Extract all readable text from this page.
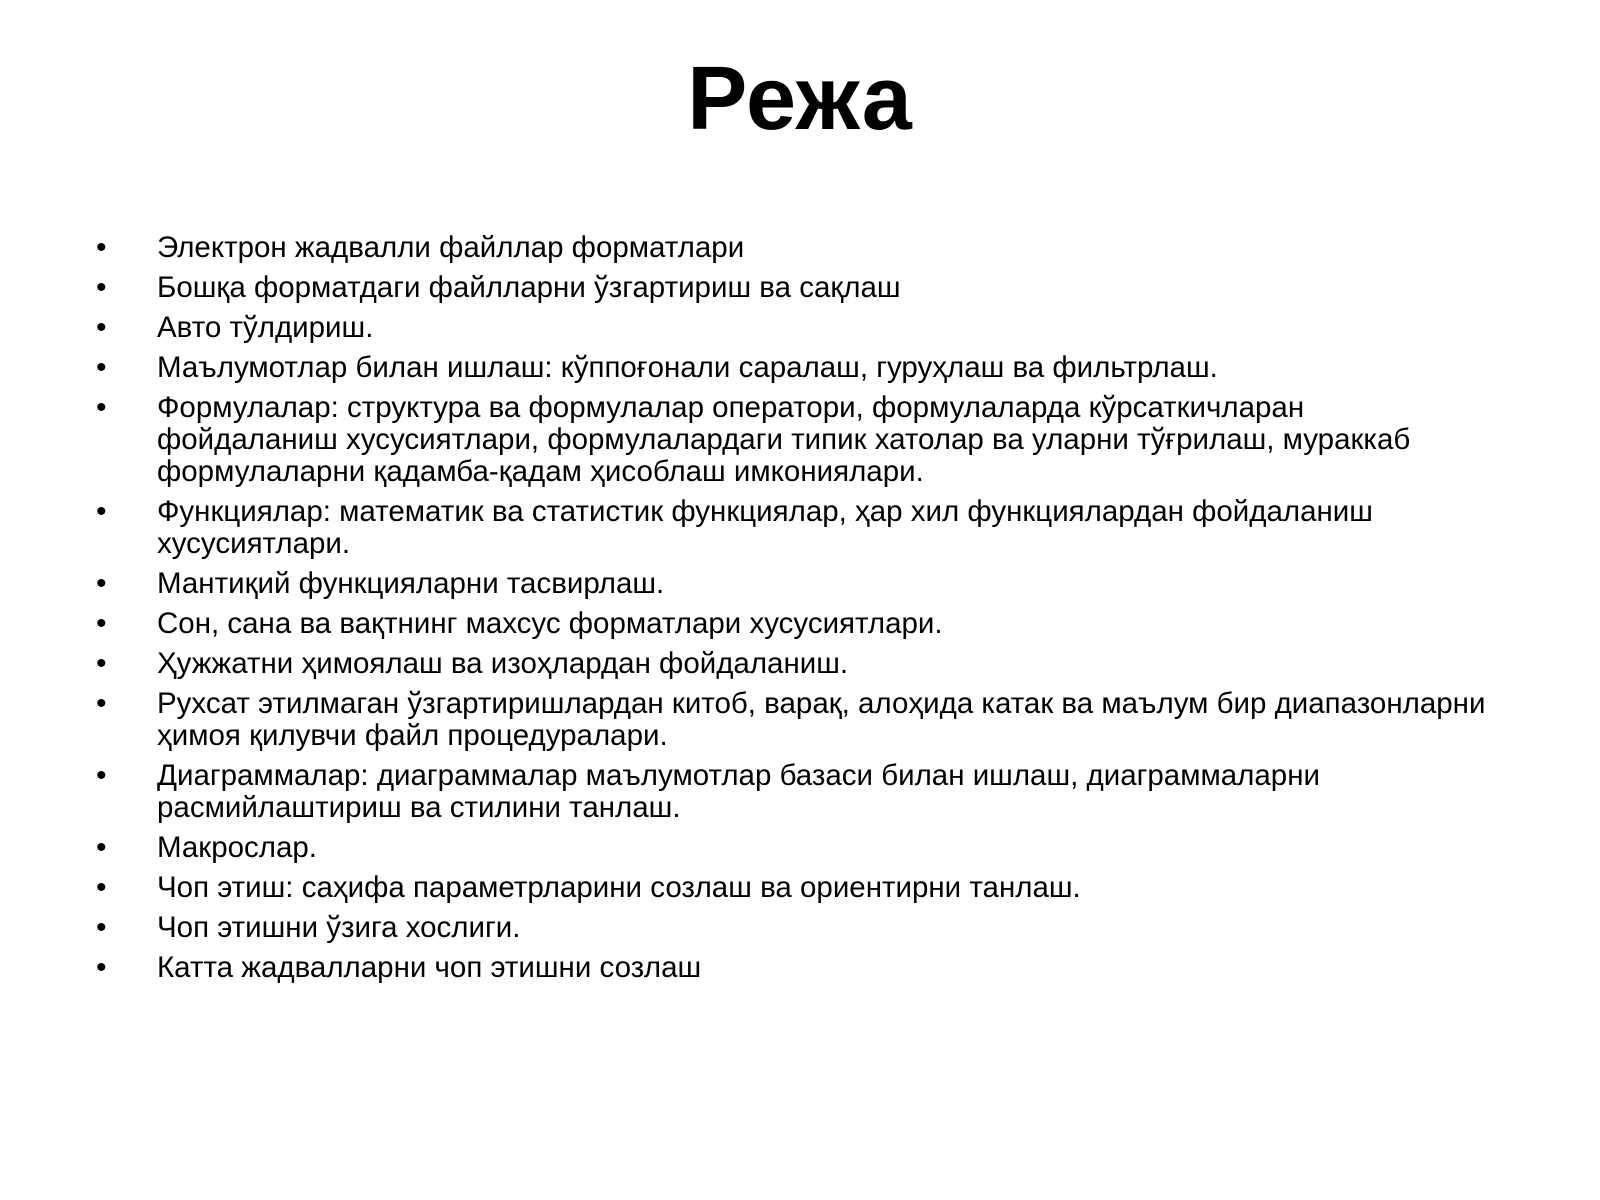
Режа
• Электрон жадвалли файллар форматлари
• Бошқа форматдаги файлларни ўзгартириш ва сақлаш
• Авто тўлдириш.
• Маълумотлар билан ишлаш: кўппоғонали саралаш, гуруҳлаш ва фильтрлаш.
• Формулалар: структура ва формулалар оператори, формулаларда кўрсаткичларан фойдаланиш хусусиятлари, формулалардаги типик хатолар ва уларни тўғрилаш, мураккаб формулаларни қадамба-қадам ҳисоблаш имкониялари.
• Функциялар: математик ва статистик функциялар, ҳар хил функциялардан фойдаланиш хусусиятлари.
• Мантиқий функцияларни тасвирлаш.
• Сон, сана ва вақтнинг махсус форматлари хусусиятлари.
• Ҳужжатни ҳимоялаш ва изоҳлардан фойдаланиш.
• Рухсат этилмаган ўзгартиришлардан китоб, варақ, алоҳида катак ва маълум бир диапазонларни ҳимоя қилувчи файл процедуралари.
• Диаграммалар: диаграммалар маълумотлар базаси билан ишлаш, диаграммаларни расмийлаштириш ва стилини танлаш.
• Макрослар.
• Чоп этиш: саҳифа параметрларини созлаш ва ориентирни танлаш.
• Чоп этишни ўзига хослиги.
• Катта жадвалларни чоп этишни созлаш
